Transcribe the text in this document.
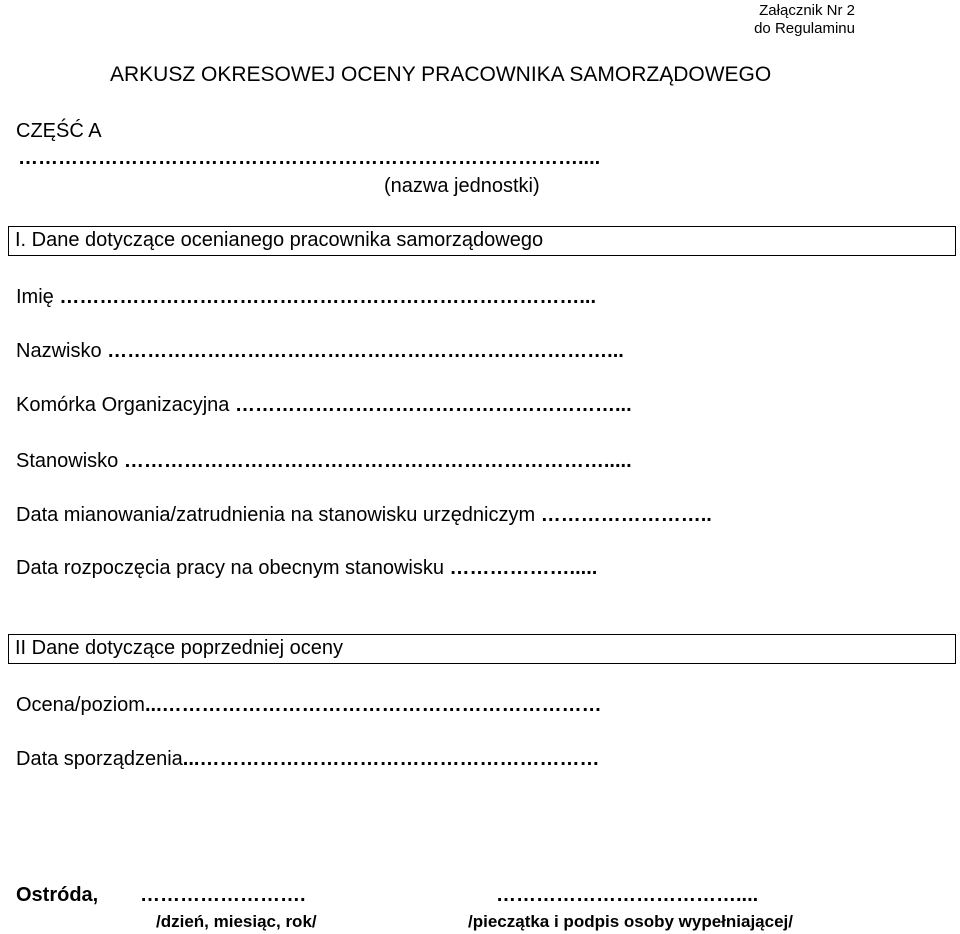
Załącznik Nr 2
do Regulaminu
ARKUSZ OKRESOWEJ OCENY PRACOWNIKA SAMORZĄDOWEGO
CZĘŚĆ A
…………………………………………………………………………....
(nazwa jednostki)
I. Dane dotyczące ocenianego pracownika samorządowego
Imię ……………………………………………………………………...
Nazwisko …………………………………………………………………...
Komórka Organizacyjna …………………………………………………...
Stanowisko ……………………………………………………………….....
Data mianowania/zatrudnienia na stanowisku urzędniczym ……………………..
Data rozpoczęcia pracy na obecnym stanowisku ……………….....
II Dane dotyczące poprzedniej oceny
Ocena/poziom...…………………………………………………………
Data sporządzenia...……………………………………………………
Ostróda, …………………….
/dzień, miesiąc, rok/
………………………………....
/pieczątka i podpis osoby wypełniającej/
